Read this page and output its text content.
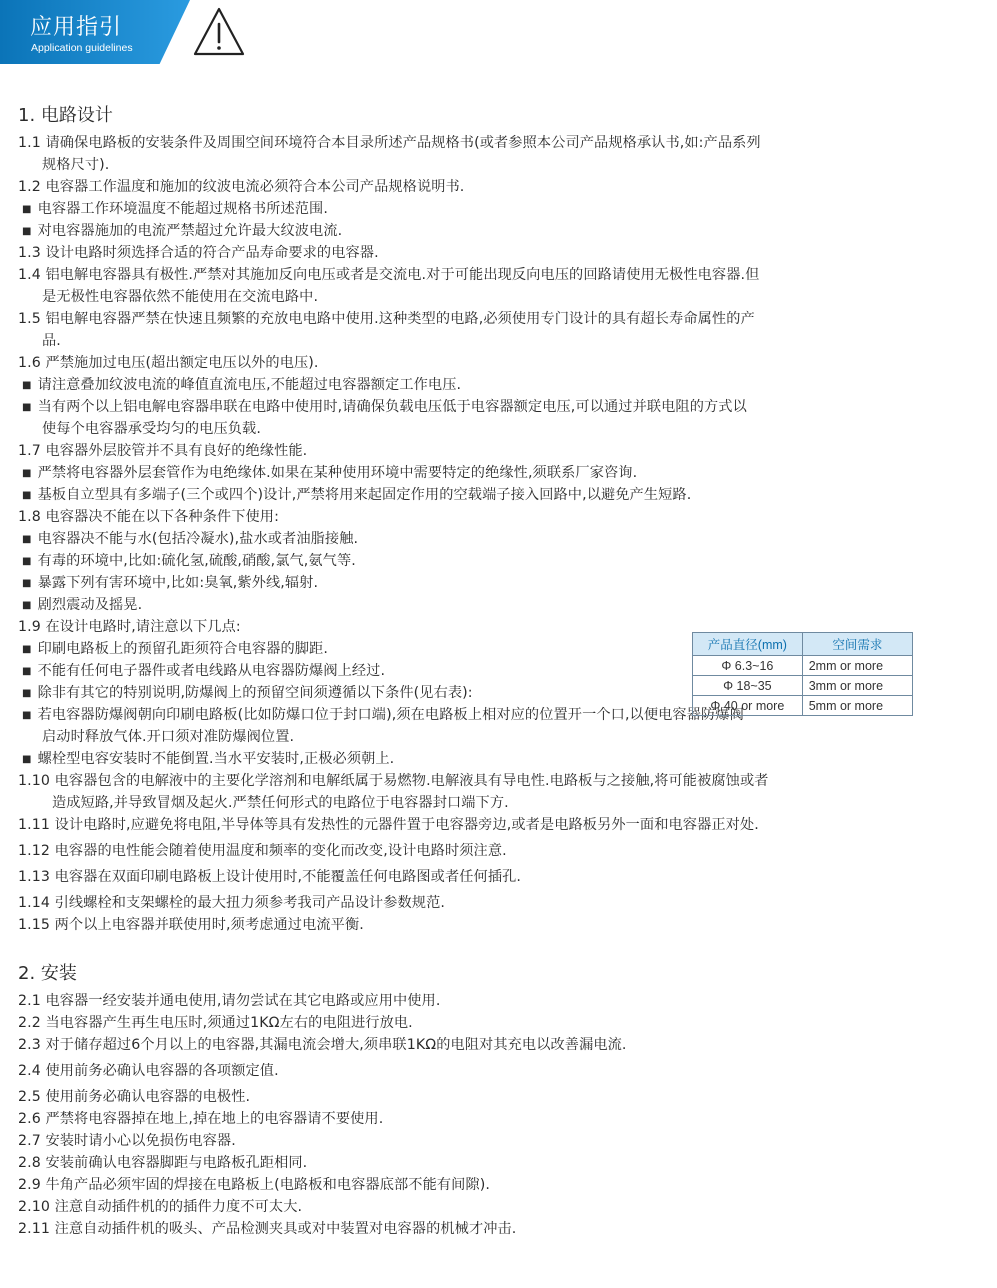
应用指引
Application guidelines
1. 电路设计
1.1 请确保电路板的安装条件及周围空间环境符合本目录所述产品规格书(或者参照本公司产品规格承认书,如:产品系列
规格尺寸).
1.2 电容器工作温度和施加的纹波电流必须符合本公司产品规格说明书.
■ 电容器工作环境温度不能超过规格书所述范围.
■ 对电容器施加的电流严禁超过允许最大纹波电流.
1.3 设计电路时须选择合适的符合产品寿命要求的电容器.
1.4 铝电解电容器具有极性.严禁对其施加反向电压或者是交流电.对于可能出现反向电压的回路请使用无极性电容器.但
是无极性电容器依然不能使用在交流电路中.
1.5 铝电解电容器严禁在快速且频繁的充放电电路中使用.这种类型的电路,必须使用专门设计的具有超长寿命属性的产
品.
1.6 严禁施加过电压(超出额定电压以外的电压).
■ 请注意叠加纹波电流的峰值直流电压,不能超过电容器额定工作电压.
■ 当有两个以上铝电解电容器串联在电路中使用时,请确保负载电压低于电容器额定电压,可以通过并联电阻的方式以
使每个电容器承受均匀的电压负载.
1.7 电容器外层胶管并不具有良好的绝缘性能.
■ 严禁将电容器外层套管作为电绝缘体.如果在某种使用环境中需要特定的绝缘性,须联系厂家咨询.
■ 基板自立型具有多端子(三个或四个)设计,严禁将用来起固定作用的空载端子接入回路中,以避免产生短路.
1.8 电容器决不能在以下各种条件下使用:
■ 电容器决不能与水(包括冷凝水),盐水或者油脂接触.
■ 有毒的环境中,比如:硫化氢,硫酸,硝酸,氯气,氨气等.
■ 暴露下列有害环境中,比如:臭氧,紫外线,辐射.
■ 剧烈震动及摇晃.
1.9 在设计电路时,请注意以下几点:
■ 印刷电路板上的预留孔距须符合电容器的脚距.
■ 不能有任何电子器件或者电线路从电容器防爆阀上经过.
■ 除非有其它的特别说明,防爆阀上的预留空间须遵循以下条件(见右表):
■ 若电容器防爆阀朝向印刷电路板(比如防爆口位于封口端),须在电路板上相对应的位置开一个口,以便电容器防爆阀
启动时释放气体.开口须对准防爆阀位置.
■ 螺栓型电容安装时不能倒置.当水平安装时,正极必须朝上.
1.10 电容器包含的电解液中的主要化学溶剂和电解纸属于易燃物.电解液具有导电性.电路板与之接触,将可能被腐蚀或者
造成短路,并导致冒烟及起火.严禁任何形式的电路位于电容器封口端下方.
1.11 设计电路时,应避免将电阻,半导体等具有发热性的元器件置于电容器旁边,或者是电路板另外一面和电容器正对处.
1.12 电容器的电性能会随着使用温度和频率的变化而改变,设计电路时须注意.
1.13 电容器在双面印刷电路板上设计使用时,不能覆盖任何电路图或者任何插孔.
1.14 引线螺栓和支架螺栓的最大扭力须参考我司产品设计参数规范.
1.15 两个以上电容器并联使用时,须考虑通过电流平衡.
2. 安装
2.1 电容器一经安装并通电使用,请勿尝试在其它电路或应用中使用.
2.2 当电容器产生再生电压时,须通过1KΩ左右的电阻进行放电.
2.3 对于储存超过6个月以上的电容器,其漏电流会增大,须串联1KΩ的电阻对其充电以改善漏电流.
2.4 使用前务必确认电容器的各项额定值.
2.5 使用前务必确认电容器的电极性.
2.6 严禁将电容器掉在地上,掉在地上的电容器请不要使用.
2.7 安装时请小心以免损伤电容器.
2.8 安装前确认电容器脚距与电路板孔距相同.
2.9 牛角产品必须牢固的焊接在电路板上(电路板和电容器底部不能有间隙).
2.10 注意自动插件机的的插件力度不可太大.
2.11 注意自动插件机的吸头、产品检测夹具或对中装置对电容器的机械才冲击.
产品直径(mm)	空间需求
Φ 6.3~16	2mm or more
Φ 18~35	3mm or more
Φ 40 or more	5mm or more
